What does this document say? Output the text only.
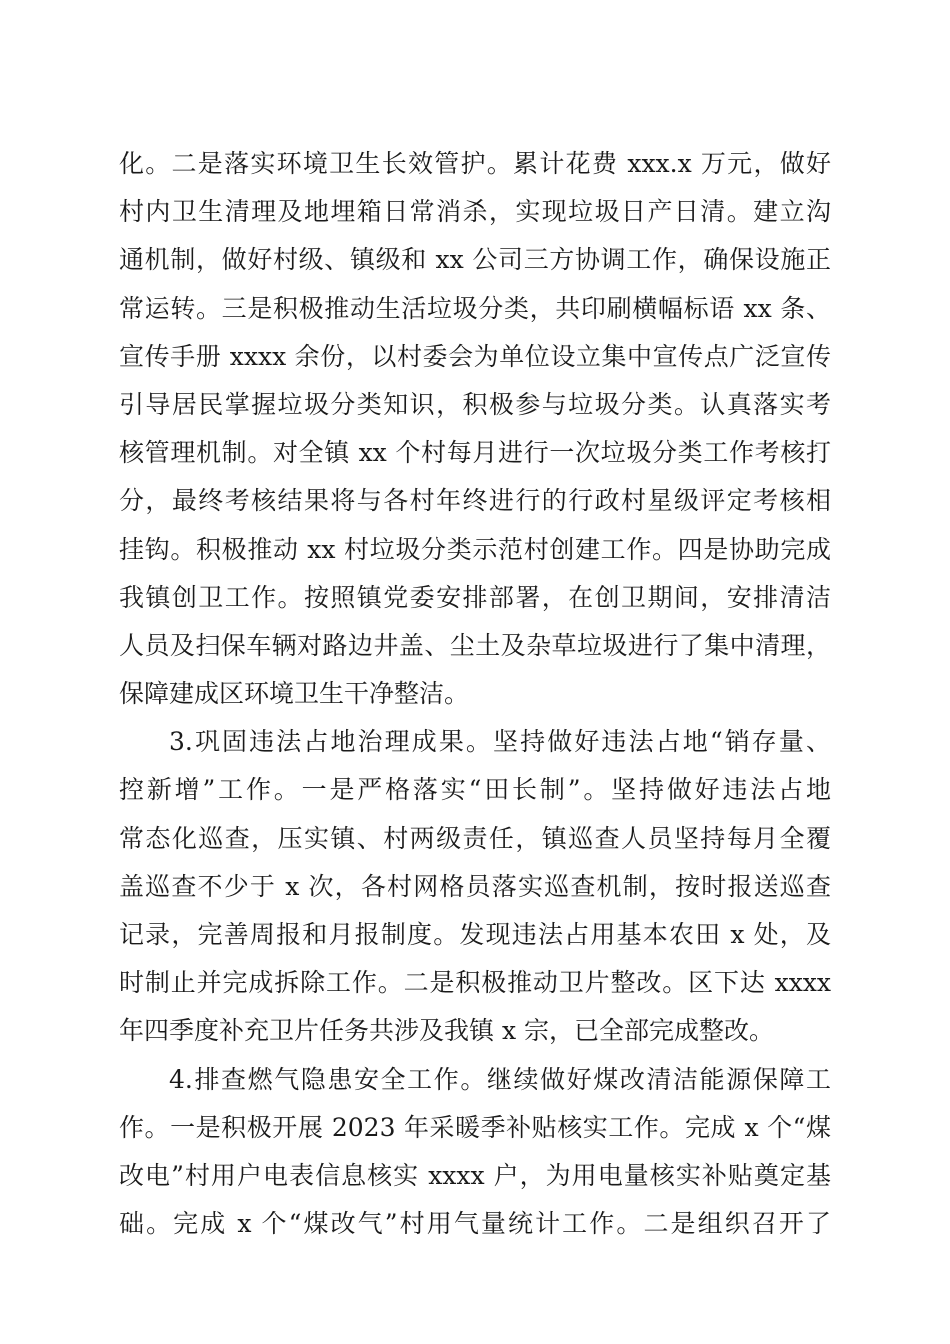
化。二是落实环境卫生长效管护。累计花费 xxx.x 万元，做好
村内卫生清理及地埋箱日常消杀，实现垃圾日产日清。建立沟
通机制，做好村级、镇级和 xx 公司三方协调工作，确保设施正
常运转。三是积极推动生活垃圾分类，共印刷横幅标语 xx 条、
宣传手册 xxxx 余份，以村委会为单位设立集中宣传点广泛宣传
引导居民掌握垃圾分类知识，积极参与垃圾分类。认真落实考
核管理机制。对全镇 xx 个村每月进行一次垃圾分类工作考核打
分，最终考核结果将与各村年终进行的行政村星级评定考核相
挂钩。积极推动 xx 村垃圾分类示范村创建工作。四是协助完成
我镇创卫工作。按照镇党委安排部署，在创卫期间，安排清洁
人员及扫保车辆对路边井盖、尘土及杂草垃圾进行了集中清理，
保障建成区环境卫生干净整洁。
3.巩固违法占地治理成果。坚持做好违法占地“销存量、
控新增”工作。一是严格落实“田长制”。坚持做好违法占地
常态化巡查，压实镇、村两级责任，镇巡查人员坚持每月全覆
盖巡查不少于 x 次，各村网格员落实巡查机制，按时报送巡查
记录，完善周报和月报制度。发现违法占用基本农田 x 处，及
时制止并完成拆除工作。二是积极推动卫片整改。区下达 xxxx
年四季度补充卫片任务共涉及我镇 x 宗，已全部完成整改。
4.排查燃气隐患安全工作。继续做好煤改清洁能源保障工
作。一是积极开展 2023 年采暖季补贴核实工作。完成 x 个“煤
改电”村用户电表信息核实 xxxx 户，为用电量核实补贴奠定基
础。完成 x 个“煤改气”村用气量统计工作。二是组织召开了
